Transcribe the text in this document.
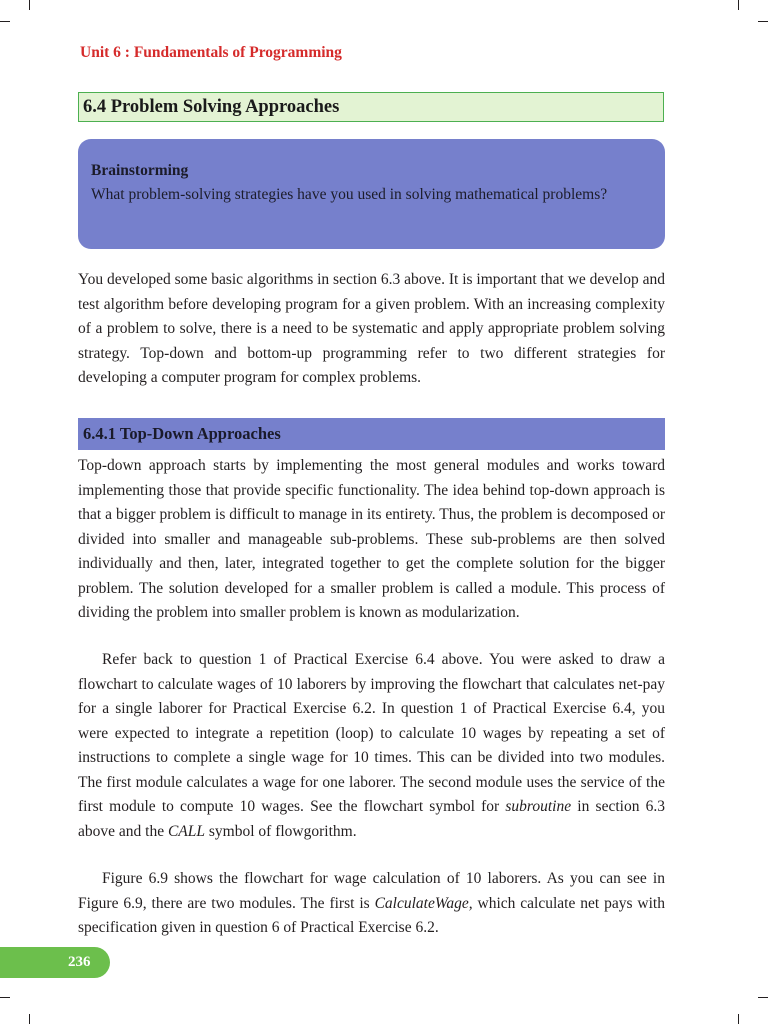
Unit 6 : Fundamentals of Programming
6.4 Problem Solving Approaches
Brainstorming
What problem-solving strategies have you used in solving mathematical problems?
You developed some basic algorithms in section 6.3 above. It is important that we develop and test algorithm before developing program for a given problem. With an increasing complexity of a problem to solve, there is a need to be systematic and apply appropriate problem solving strategy. Top-down and bottom-up programming refer to two different strategies for developing a computer program for complex problems.
6.4.1 Top-Down Approaches
Top-down approach starts by implementing the most general modules and works toward implementing those that provide specific functionality. The idea behind top-down approach is that a bigger problem is difficult to manage in its entirety. Thus, the problem is decomposed or divided into smaller and manageable sub-problems. These sub-problems are then solved individually and then, later, integrated together to get the complete solution for the bigger problem. The solution developed for a smaller problem is called a module. This process of dividing the problem into smaller problem is known as modularization.
Refer back to question 1 of Practical Exercise 6.4 above. You were asked to draw a flowchart to calculate wages of 10 laborers by improving the flowchart that calculates net-pay for a single laborer for Practical Exercise 6.2. In question 1 of Practical Exercise 6.4, you were expected to integrate a repetition (loop) to calculate 10 wages by repeating a set of instructions to complete a single wage for 10 times. This can be divided into two modules. The first module calculates a wage for one laborer. The second module uses the service of the first module to compute 10 wages. See the flowchart symbol for subroutine in section 6.3 above and the CALL symbol of flowgorithm.
Figure 6.9 shows the flowchart for wage calculation of 10 laborers. As you can see in Figure 6.9, there are two modules. The first is CalculateWage, which calculate net pays with specification given in question 6 of Practical Exercise 6.2.
236
